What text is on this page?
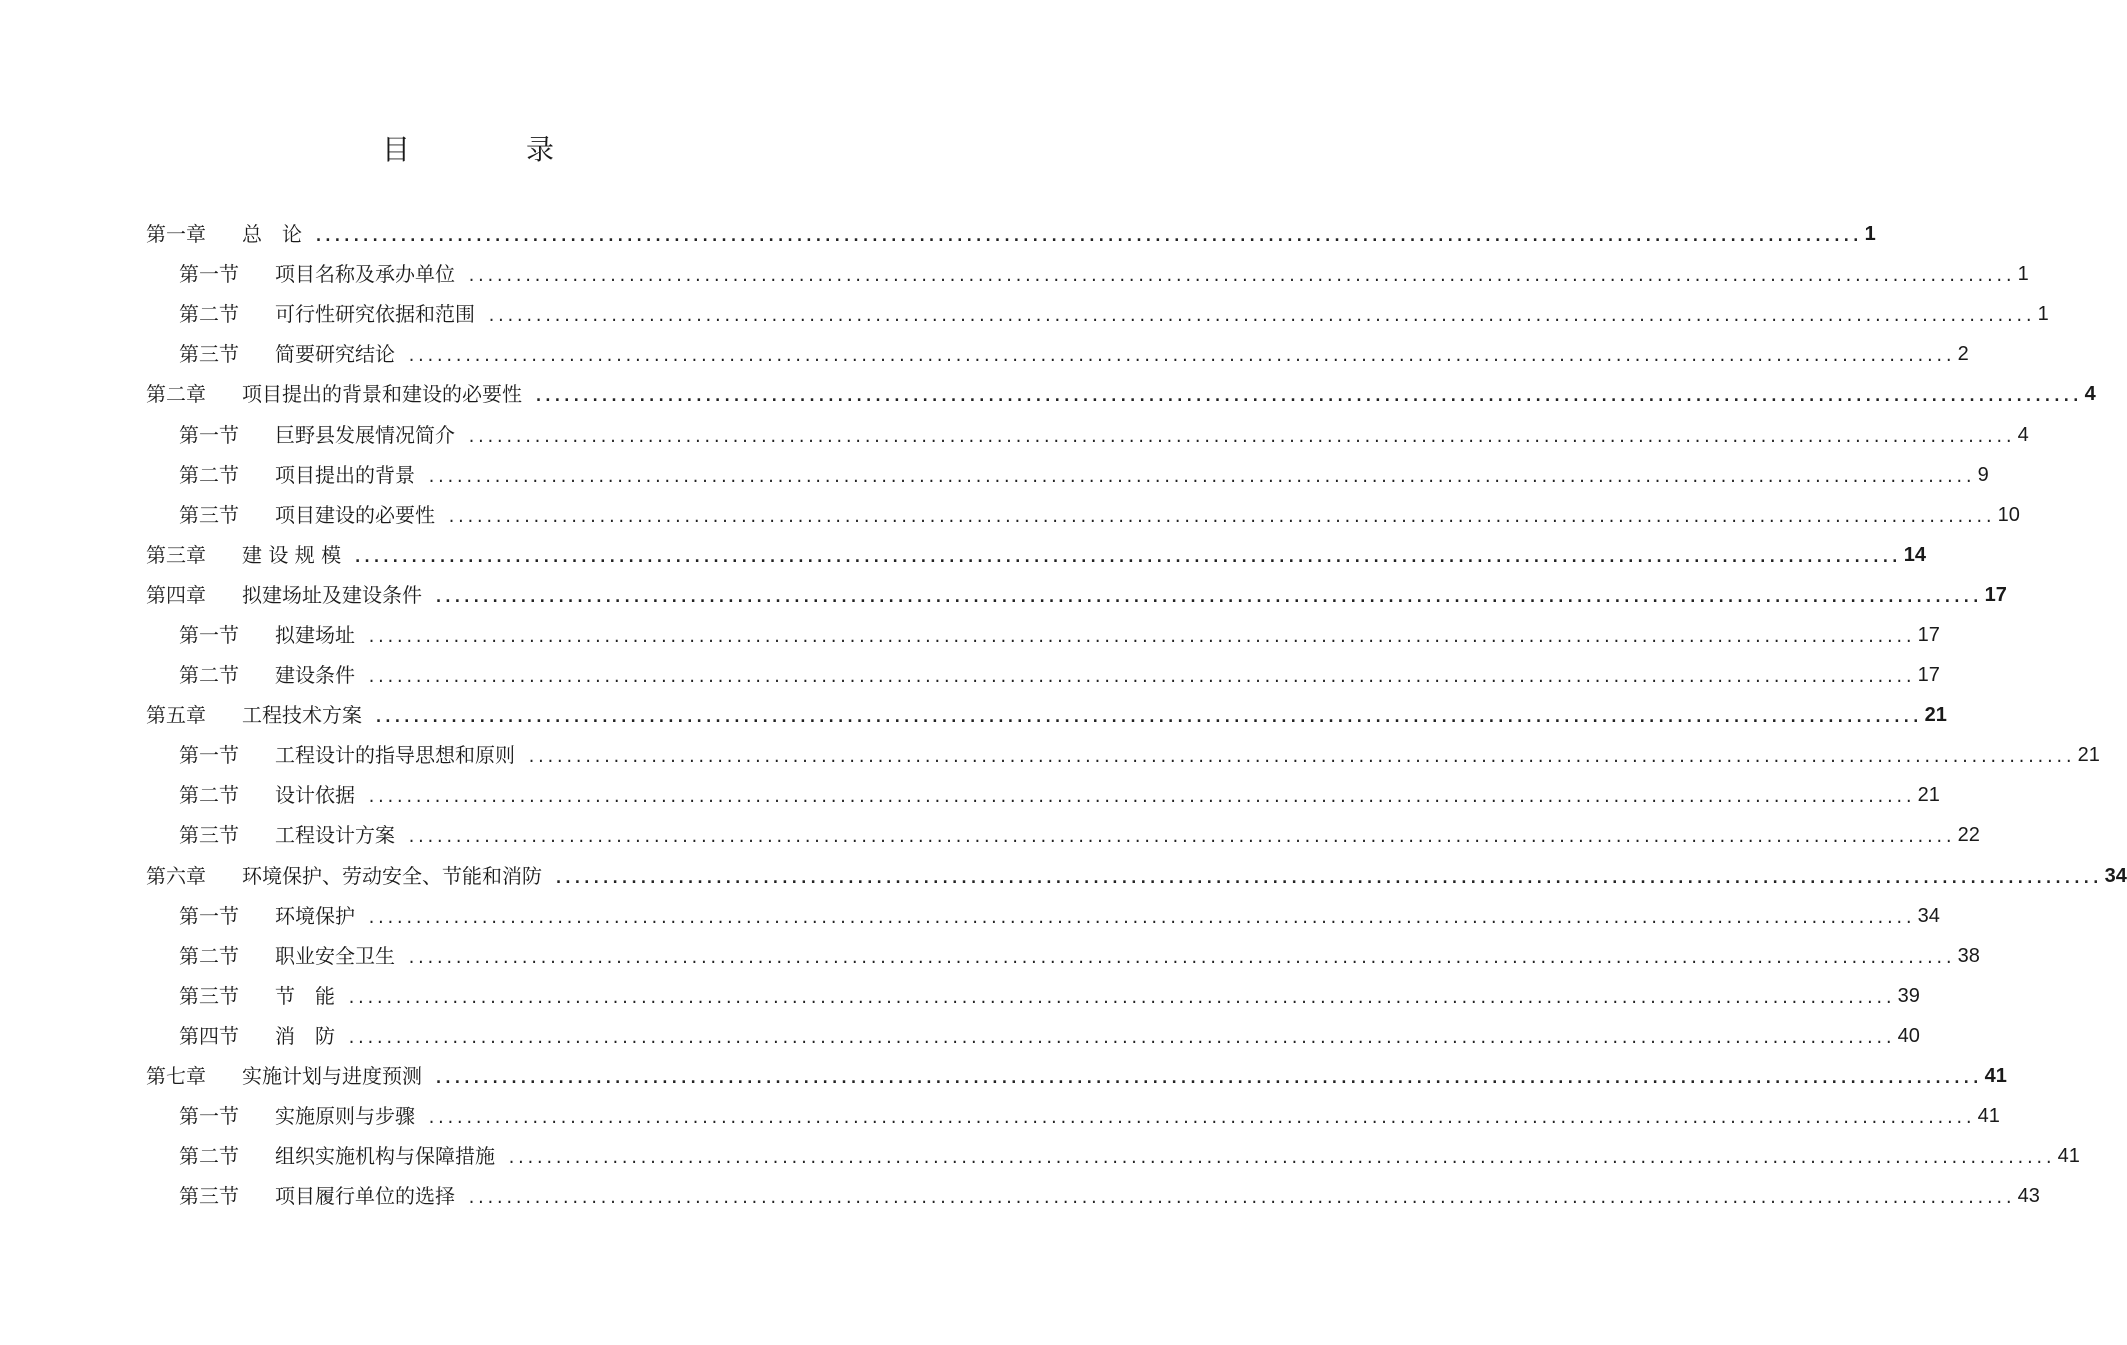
目　录
第一章	总　论 .................................................................................................................................................................... 1
第一节	项目名称及承办单位 .................................................................................................................................................................... 1
第二节	可行性研究依据和范围 .................................................................................................................................................................... 1
第三节	简要研究结论 .................................................................................................................................................................... 2
第二章	项目提出的背景和建设的必要性 .................................................................................................................................................................... 4
第一节	巨野县发展情况简介 .................................................................................................................................................................... 4
第二节	项目提出的背景 .................................................................................................................................................................... 9
第三节	项目建设的必要性 .................................................................................................................................................................... 10
第三章	建 设 规 模 .................................................................................................................................................................... 14
第四章	拟建场址及建设条件 .................................................................................................................................................................... 17
第一节	拟建场址 .................................................................................................................................................................... 17
第二节	建设条件 .................................................................................................................................................................... 17
第五章	工程技术方案 .................................................................................................................................................................... 21
第一节	工程设计的指导思想和原则 .................................................................................................................................................................... 21
第二节	设计依据 .................................................................................................................................................................... 21
第三节	工程设计方案 .................................................................................................................................................................... 22
第六章	环境保护、劳动安全、节能和消防 .................................................................................................................................................................... 34
第一节	环境保护 .................................................................................................................................................................... 34
第二节	职业安全卫生 .................................................................................................................................................................... 38
第三节	节　能 .................................................................................................................................................................... 39
第四节	消　防 .................................................................................................................................................................... 40
第七章	实施计划与进度预测 .................................................................................................................................................................... 41
第一节	实施原则与步骤 .................................................................................................................................................................... 41
第二节	组织实施机构与保障措施 .................................................................................................................................................................... 41
第三节	项目履行单位的选择 .................................................................................................................................................................... 43
